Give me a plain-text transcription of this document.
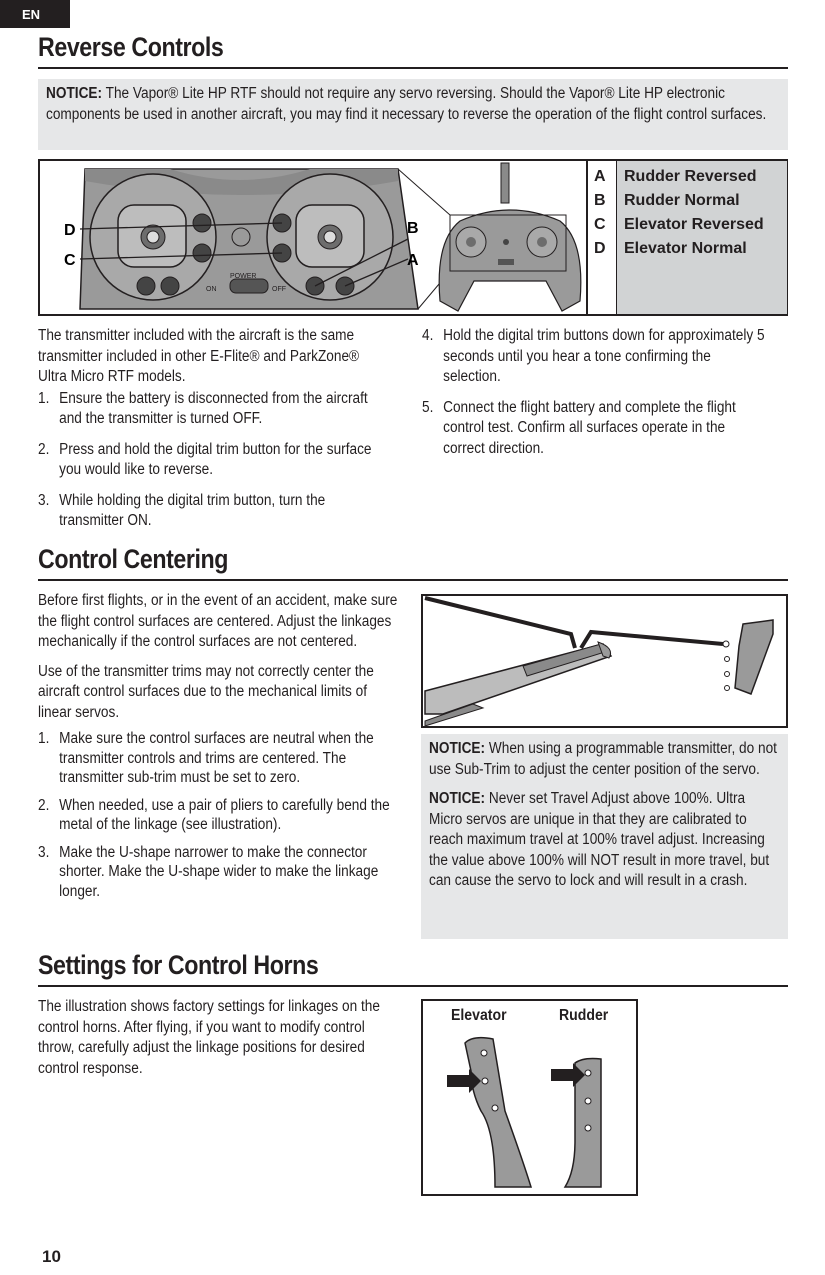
EN
Reverse Controls
NOTICE: The Vapor® Lite HP RTF should not require any servo reversing. Should the Vapor® Lite HP electronic components be used in another aircraft, you may find it necessary to reverse the operation of the flight control surfaces.
POWER
ON	OFF
D
C
B
A
A
B
C
D
Rudder Reversed
Rudder Normal
Elevator Reversed
Elevator Normal
The transmitter included with the aircraft is the same transmitter included in other E-Flite® and ParkZone® Ultra Micro RTF models.
1. Ensure the battery is disconnected from the aircraft and the transmitter is turned OFF.
2. Press and hold the digital trim button for the surface you would like to reverse.
3. While holding the digital trim button, turn the transmitter ON.
4. Hold the digital trim buttons down for approximately 5 seconds until you hear a tone confirming the selection.
5. Connect the flight battery and complete the flight control test. Confirm all surfaces operate in the correct direction.
Control Centering
Before first flights, or in the event of an accident, make sure the flight control surfaces are centered. Adjust the linkages mechanically if the control surfaces are not centered.
Use of the transmitter trims may not correctly center the aircraft control surfaces due to the mechanical limits of linear servos.
1. Make sure the control surfaces are neutral when the transmitter controls and trims are centered. The transmitter sub-trim must be set to zero.
2. When needed, use a pair of pliers to carefully bend the metal of the linkage (see illustration).
3. Make the U-shape narrower to make the connector shorter. Make the U-shape wider to make the linkage longer.
NOTICE: When using a programmable transmitter, do not use Sub-Trim to adjust the center position of the servo.
NOTICE: Never set Travel Adjust above 100%. Ultra Micro servos are unique in that they are calibrated to reach maximum travel at 100% travel adjust. Increasing the value above 100% will NOT result in more travel, but can cause the servo to lock and will result in a crash.
Settings for Control Horns
The illustration shows factory settings for linkages on the control horns. After flying, if you want to modify control throw, carefully adjust the linkage positions for desired control response.
Elevator	Rudder
10
